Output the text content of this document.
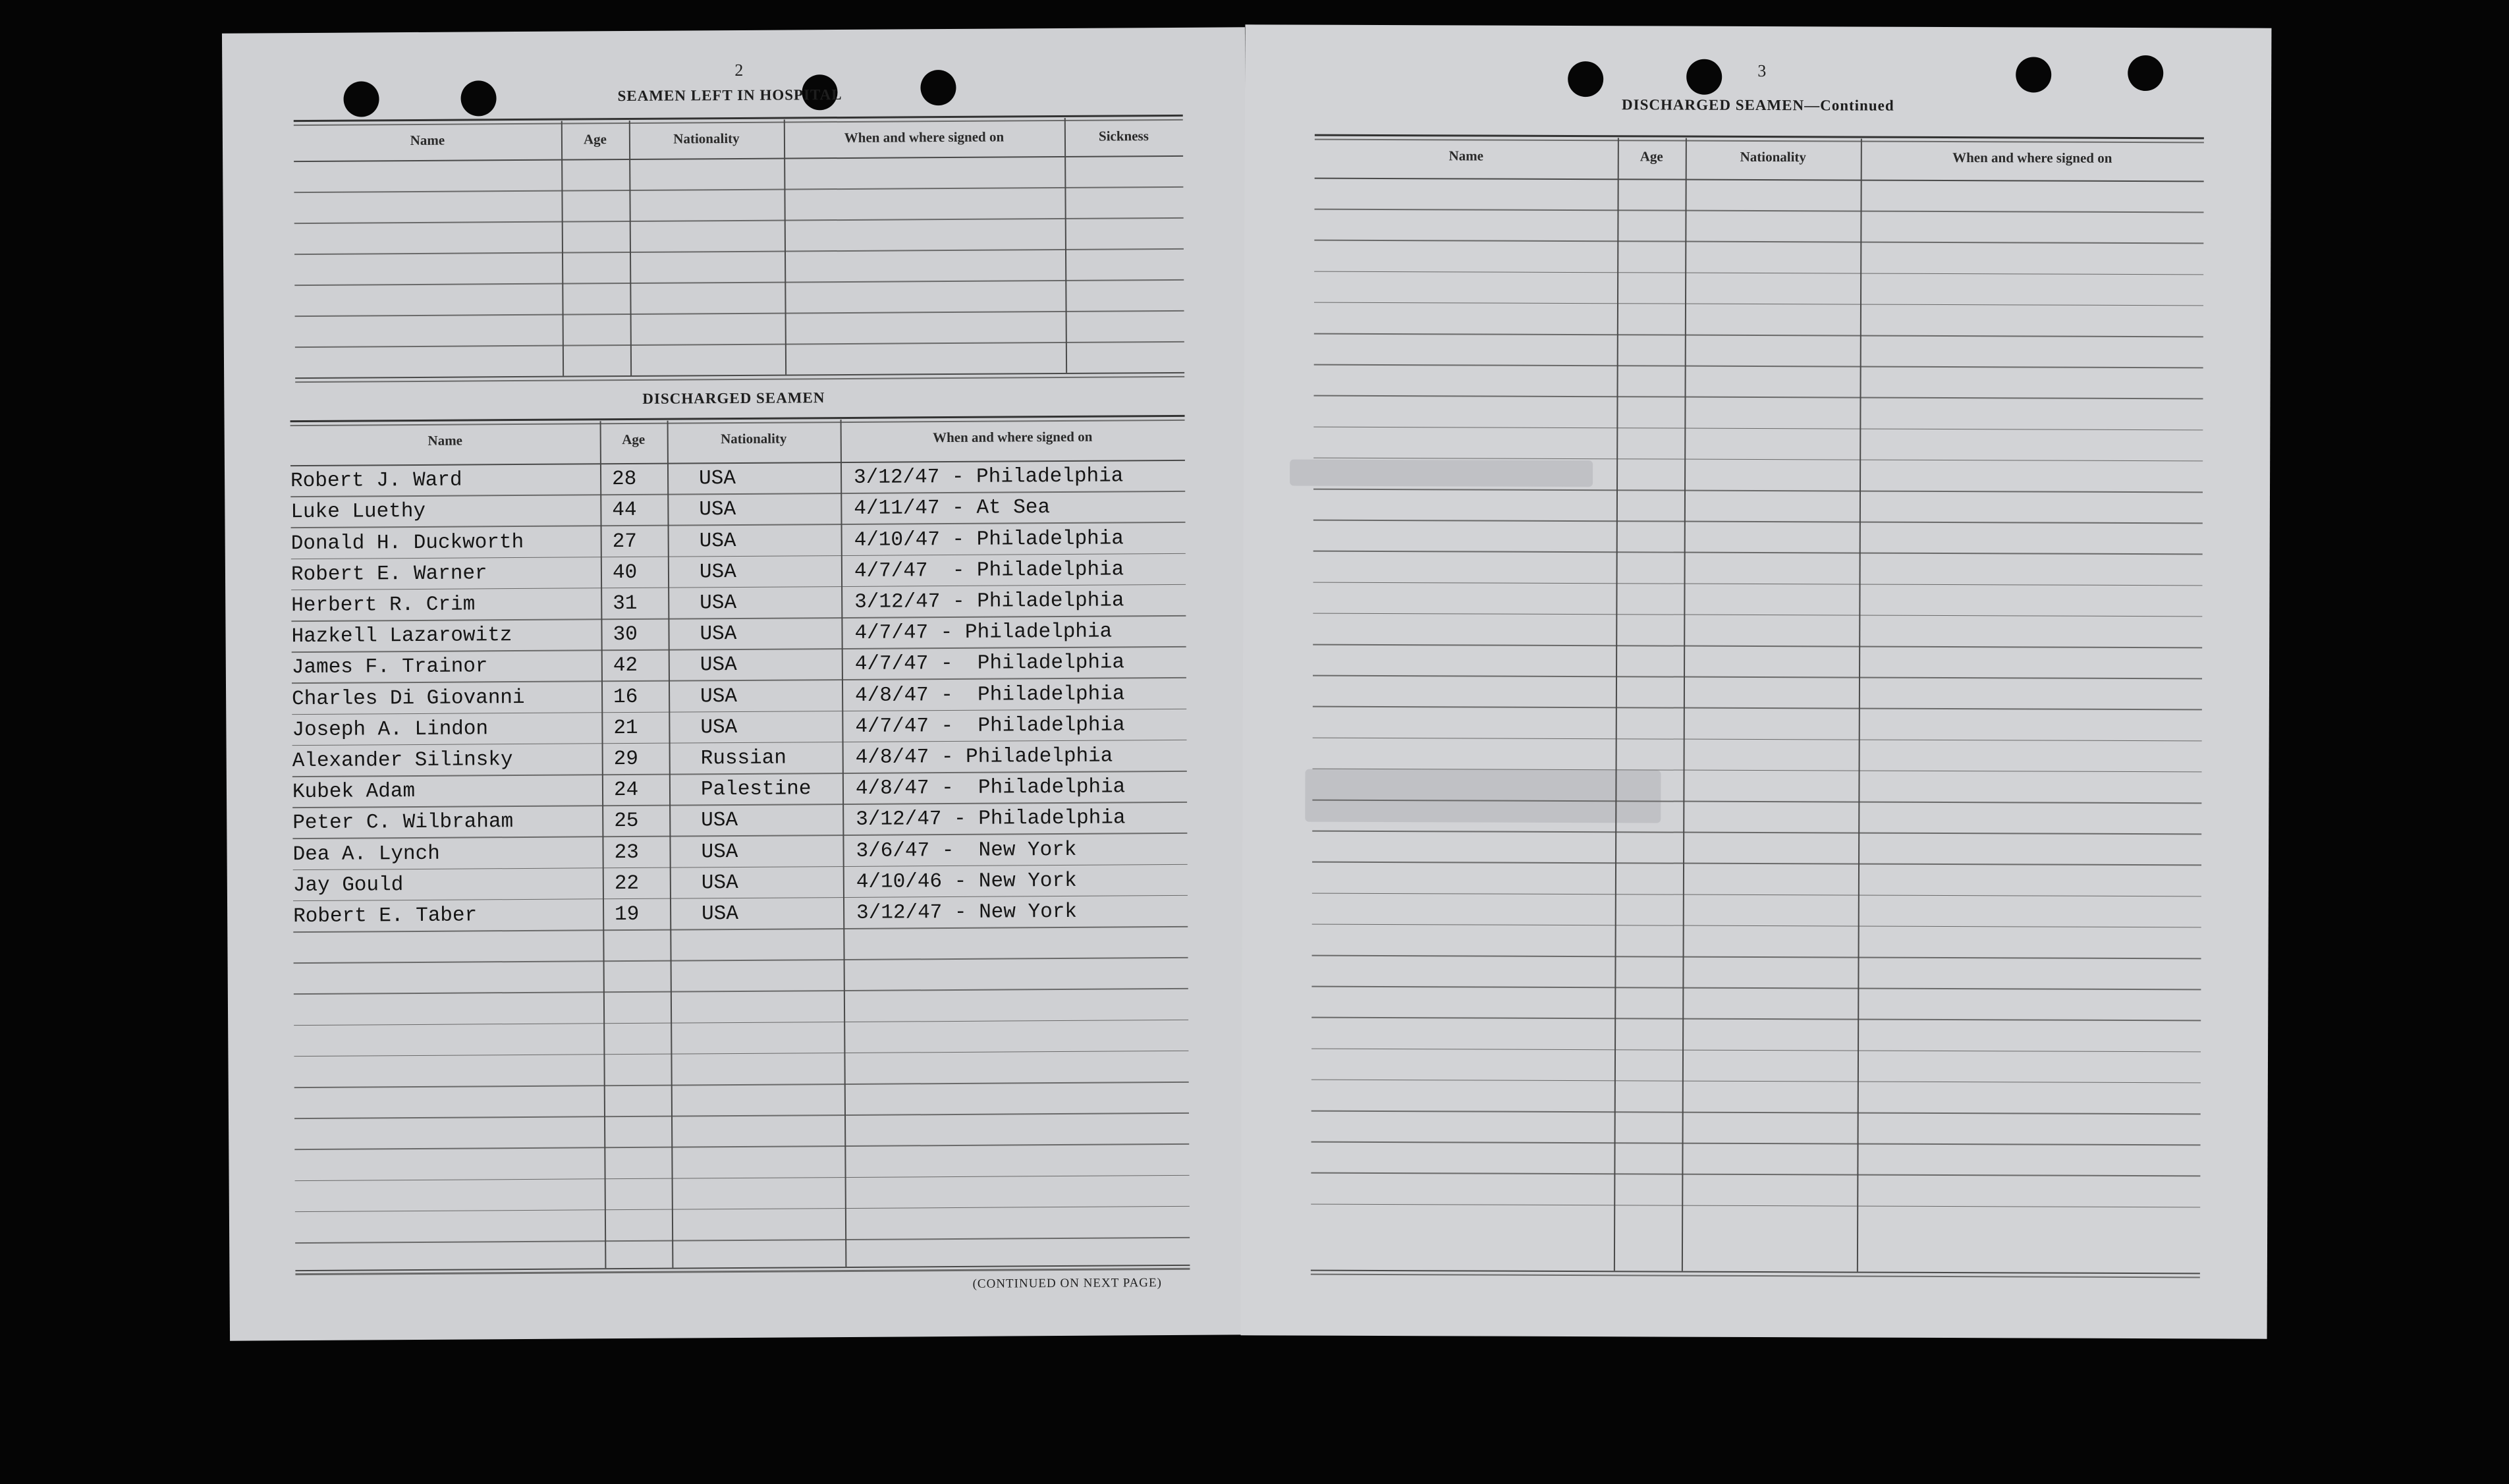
2
SEAMEN LEFT IN HOSPITAL
Name	Age	Nationality	When and where signed on	Sickness
DISCHARGED SEAMEN
Name	Age	Nationality	When and where signed on
Robert J. Ward	28	USA	3/12/47 - Philadelphia
Luke Luethy	44	USA	4/11/47 - At Sea
Donald H. Duckworth	27	USA	4/10/47 - Philadelphia
Robert E. Warner	40	USA	4/7/47  - Philadelphia
Herbert R. Crim	31	USA	3/12/47 - Philadelphia
Hazkell Lazarowitz	30	USA	4/7/47 - Philadelphia
James F. Trainor	42	USA	4/7/47 -  Philadelphia
Charles Di Giovanni	16	USA	4/8/47 -  Philadelphia
Joseph A. Lindon	21	USA	4/7/47 -  Philadelphia
Alexander Silinsky	29	Russian	4/8/47 - Philadelphia
Kubek Adam	24	Palestine 4/8/47 -  Philadelphia
Peter C. Wilbraham	25	USA	3/12/47 - Philadelphia
Dea A. Lynch	23	USA	3/6/47 -  New York
Jay Gould	22	USA	4/10/46 - New York
Robert E. Taber	19	USA	3/12/47 - New York
(CONTINUED ON NEXT PAGE)
3
DISCHARGED SEAMEN—Continued
Name	Age	Nationality	When and where signed on
